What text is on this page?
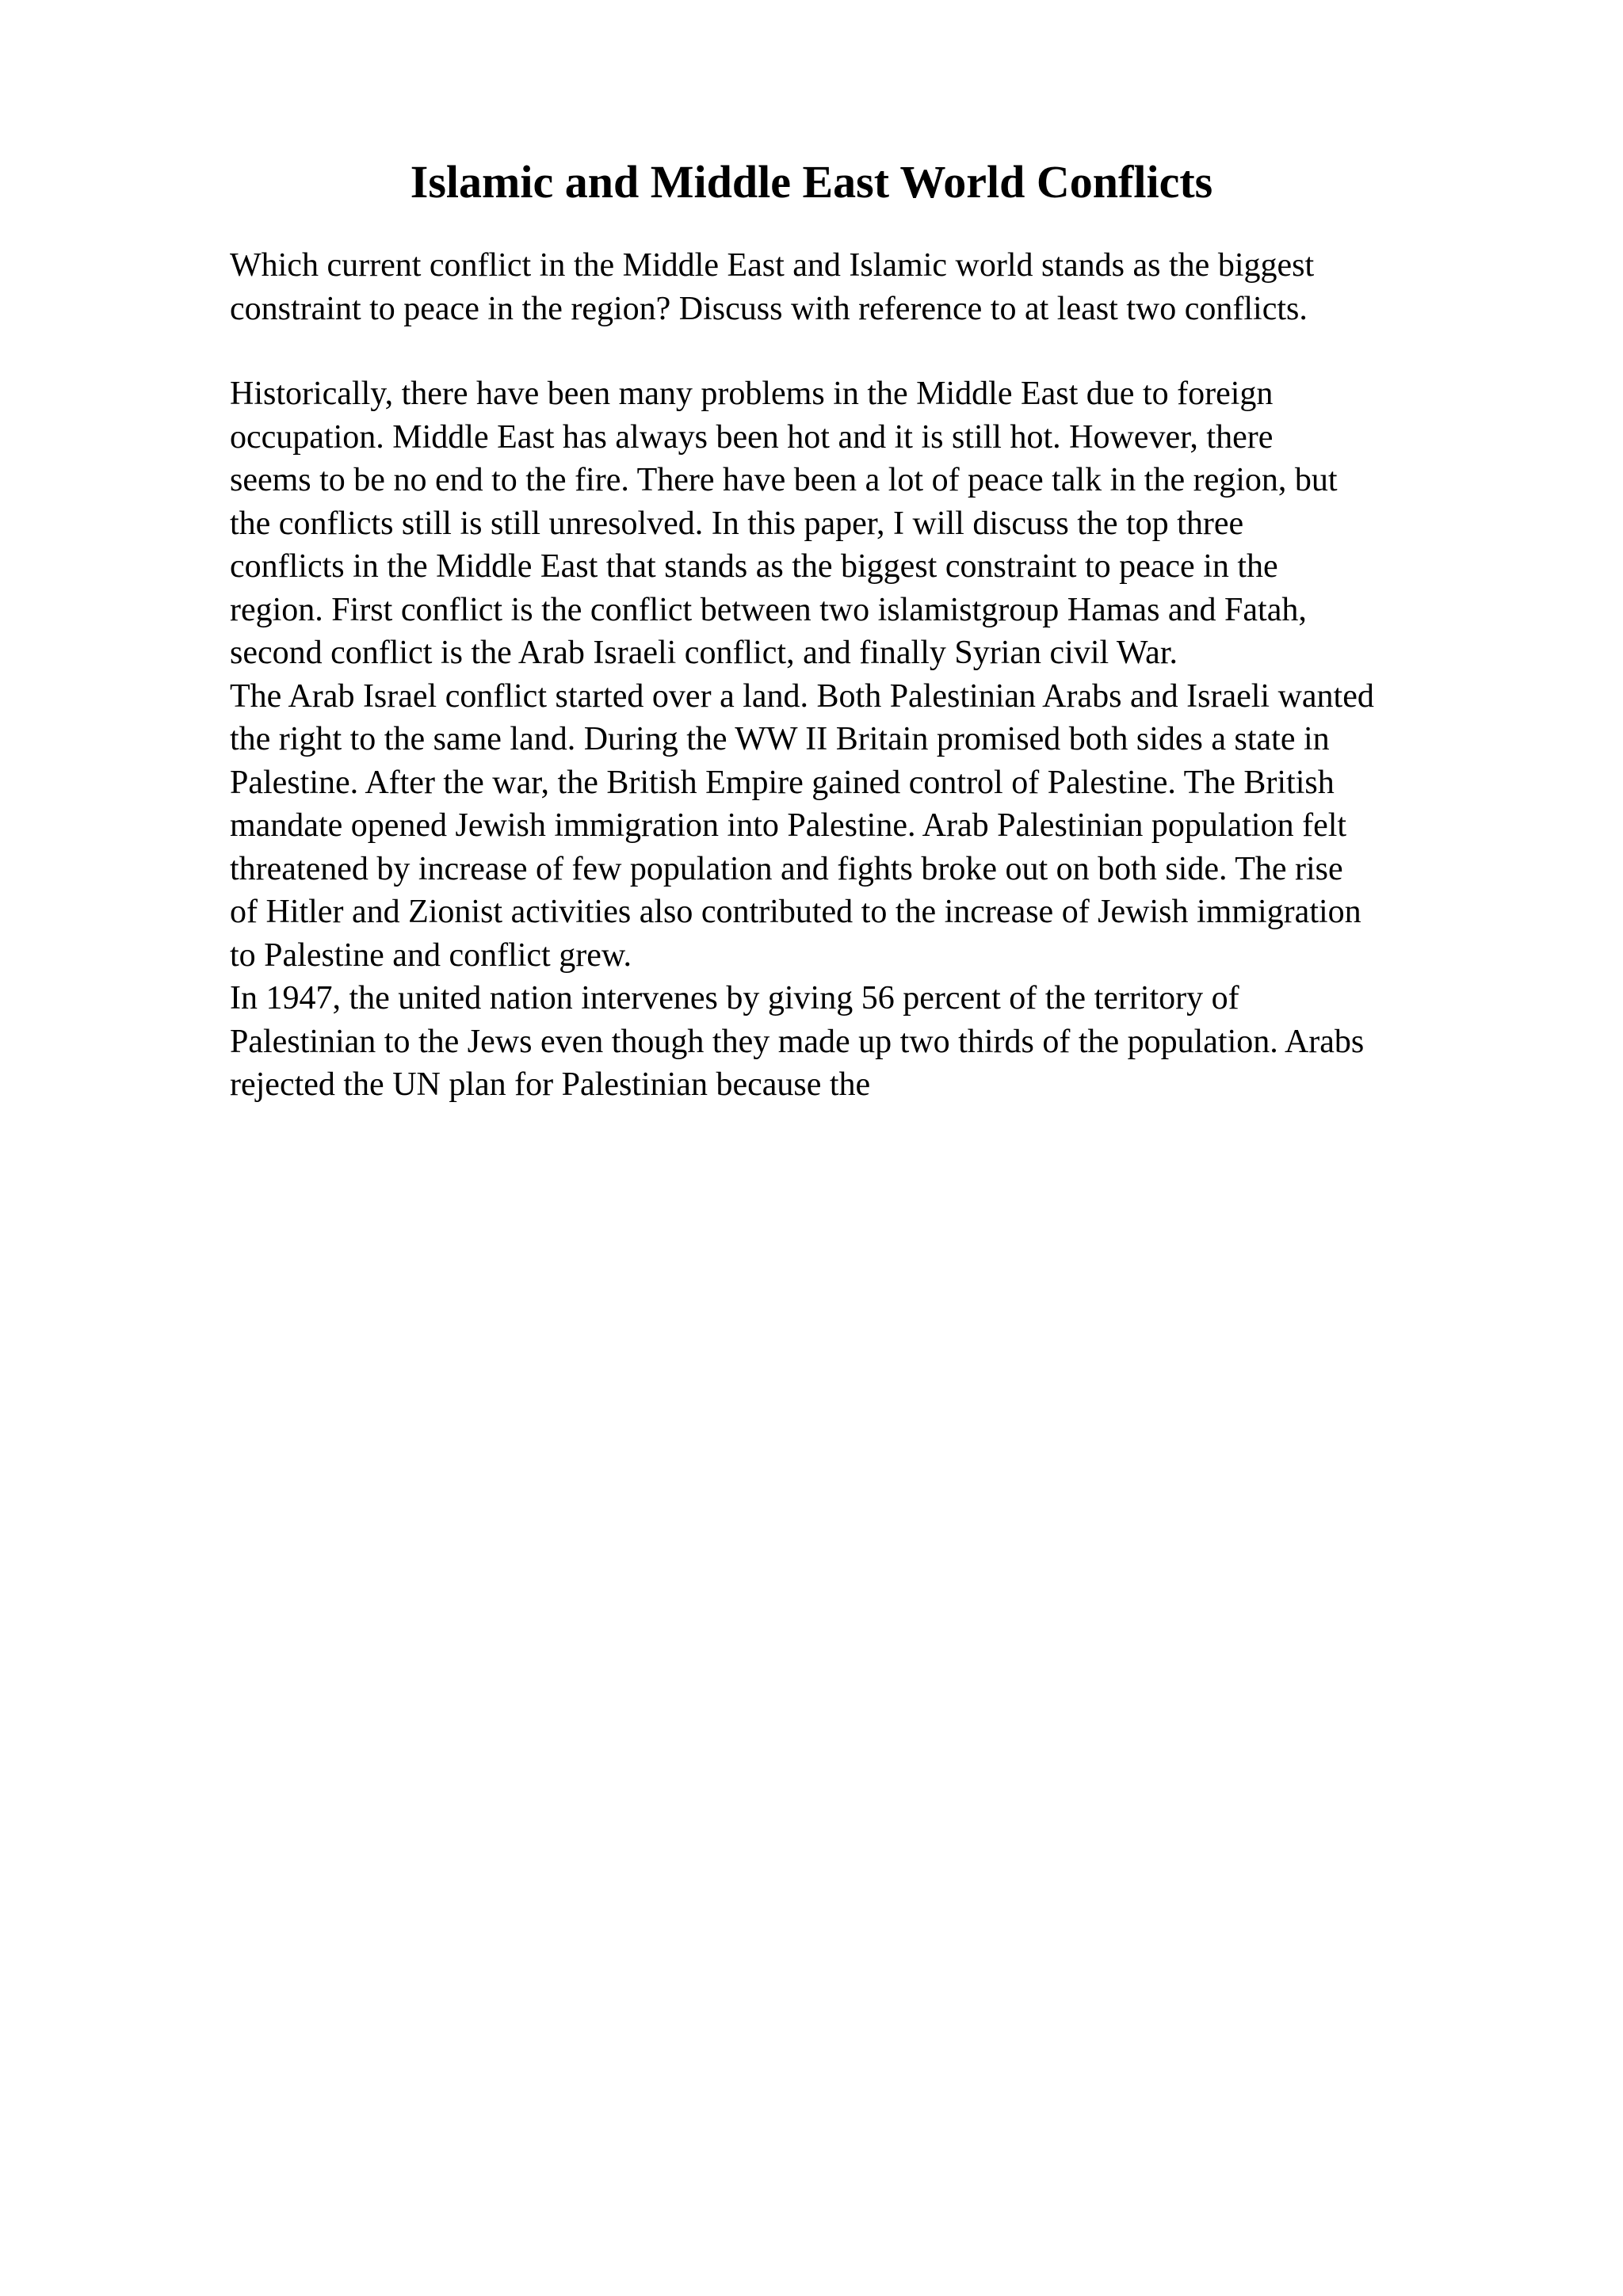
Islamic and Middle East World Conflicts
Which current conflict in the Middle East and Islamic world stands as the biggest
constraint to peace in the region? Discuss with reference to at least two conflicts.
Historically, there have been many problems in the Middle East due to foreign
occupation. Middle East has always been hot and it is still hot. However, there
seems to be no end to the fire. There have been a lot of peace talk in the region, but
the conflicts still is still unresolved. In this paper, I will discuss the top three
conflicts in the Middle East that stands as the biggest constraint to peace in the
region. First conflict is the conflict between two islamistgroup Hamas and Fatah,
second conflict is the Arab Israeli conflict, and finally Syrian civil War.
The Arab Israel conflict started over a land. Both Palestinian Arabs and Israeli wanted
the right to the same land. During the WW II Britain promised both sides a state in
Palestine. After the war, the British Empire gained control of Palestine. The British
mandate opened Jewish immigration into Palestine. Arab Palestinian population felt
threatened by increase of few population and fights broke out on both side. The rise
of Hitler and Zionist activities also contributed to the increase of Jewish immigration
to Palestine and conflict grew.
In 1947, the united nation intervenes by giving 56 percent of the territory of
Palestinian to the Jews even though they made up two thirds of the population. Arabs
rejected the UN plan for Palestinian because the
